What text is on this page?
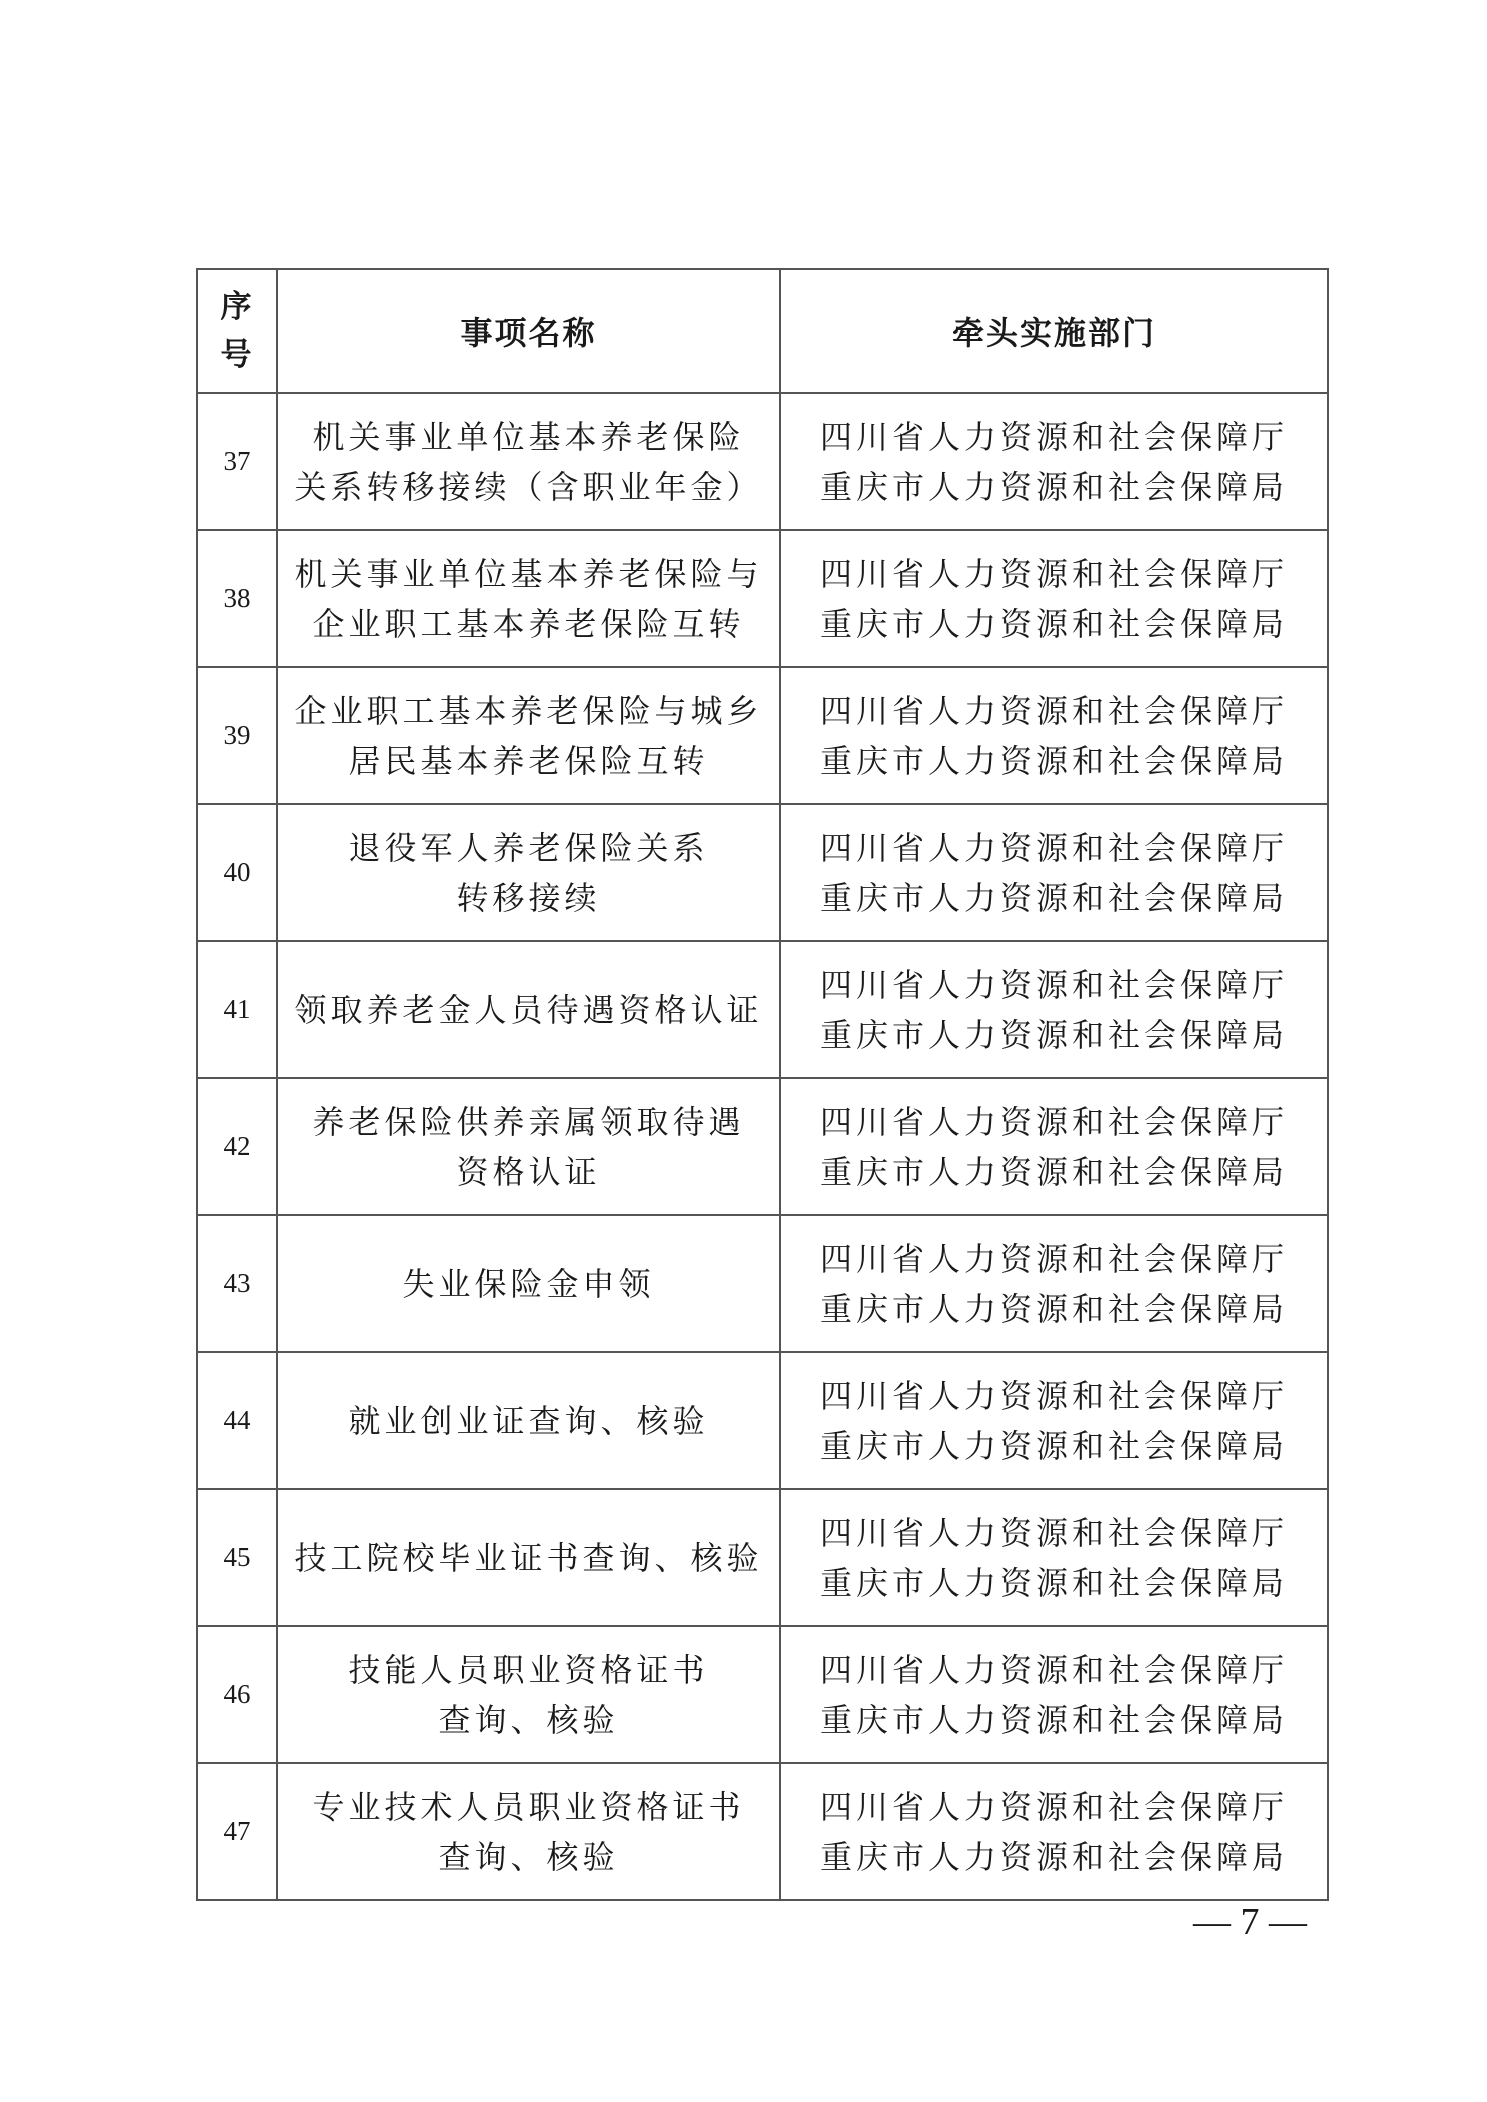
序
号	事项名称	牵头实施部门
37	机关事业单位基本养老保险
关系转移接续（含职业年金）	四川省人力资源和社会保障厅
重庆市人力资源和社会保障局

38	机关事业单位基本养老保险与
企业职工基本养老保险互转	四川省人力资源和社会保障厅
重庆市人力资源和社会保障局

39	企业职工基本养老保险与城乡
居民基本养老保险互转	四川省人力资源和社会保障厅
重庆市人力资源和社会保障局

40	退役军人养老保险关系
转移接续	四川省人力资源和社会保障厅
重庆市人力资源和社会保障局

41	领取养老金人员待遇资格认证	四川省人力资源和社会保障厅
重庆市人力资源和社会保障局

42	养老保险供养亲属领取待遇
资格认证	四川省人力资源和社会保障厅
重庆市人力资源和社会保障局

43	失业保险金申领	四川省人力资源和社会保障厅
重庆市人力资源和社会保障局

44	就业创业证查询、核验	四川省人力资源和社会保障厅
重庆市人力资源和社会保障局

45	技工院校毕业证书查询、核验	四川省人力资源和社会保障厅
重庆市人力资源和社会保障局

46	技能人员职业资格证书
查询、核验	四川省人力资源和社会保障厅
重庆市人力资源和社会保障局

47	专业技术人员职业资格证书
查询、核验	四川省人力资源和社会保障厅
重庆市人力资源和社会保障局
— 7 —
